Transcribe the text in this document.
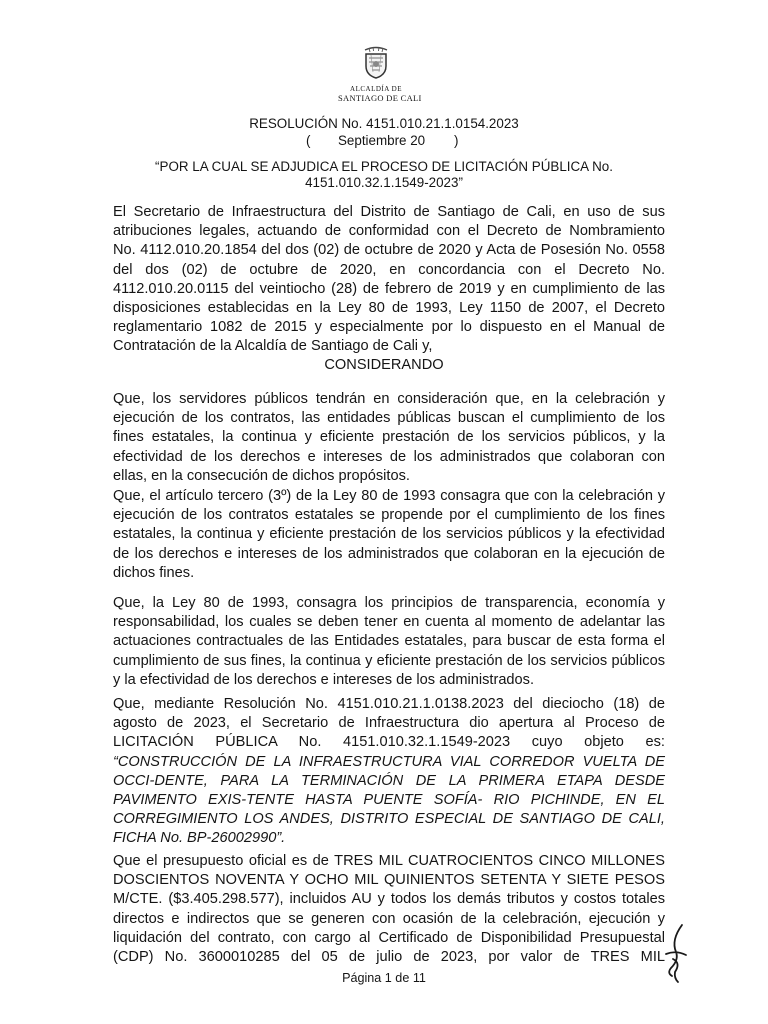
ALCALDÍA DE
SANTIAGO DE CALI
RESOLUCIÓN No. 4151.010.21.1.0154.2023
( Septiembre 20 )
“POR LA CUAL SE ADJUDICA EL PROCESO DE LICITACIÓN PÚBLICA No.
4151.010.32.1.1549-2023”
El Secretario de Infraestructura del Distrito de Santiago de Cali, en uso de sus
atribuciones legales, actuando de conformidad con el Decreto de Nombramiento
No. 4112.010.20.1854 del dos (02) de octubre de 2020 y Acta de Posesión No. 0558
del dos (02) de octubre de 2020, en concordancia con el Decreto No.
4112.010.20.0115 del veintiocho (28) de febrero de 2019 y en cumplimiento de las
disposiciones establecidas en la Ley 80 de 1993, Ley 1150 de 2007, el Decreto
reglamentario 1082 de 2015 y especialmente por lo dispuesto en el Manual de
Contratación de la Alcaldía de Santiago de Cali y,
CONSIDERANDO
Que, los servidores públicos tendrán en consideración que, en la celebración y
ejecución de los contratos, las entidades públicas buscan el cumplimiento de los
fines estatales, la continua y eficiente prestación de los servicios públicos, y la
efectividad de los derechos e intereses de los administrados que colaboran con
ellas, en la consecución de dichos propósitos.
Que, el artículo tercero (3º) de la Ley 80 de 1993 consagra que con la celebración y
ejecución de los contratos estatales se propende por el cumplimiento de los fines
estatales, la continua y eficiente prestación de los servicios públicos y la efectividad
de los derechos e intereses de los administrados que colaboran en la ejecución de
dichos fines.
Que, la Ley 80 de 1993, consagra los principios de transparencia, economía y
responsabilidad, los cuales se deben tener en cuenta al momento de adelantar las
actuaciones contractuales de las Entidades estatales, para buscar de esta forma el
cumplimiento de sus fines, la continua y eficiente prestación de los servicios públicos
y la efectividad de los derechos e intereses de los administrados.
Que, mediante Resolución No. 4151.010.21.1.0138.2023 del dieciocho (18) de
agosto de 2023, el Secretario de Infraestructura dio apertura al Proceso de
LICITACIÓN PÚBLICA No. 4151.010.32.1.1549-2023 cuyo objeto es:
“CONSTRUCCIÓN DE LA INFRAESTRUCTURA VIAL CORREDOR VUELTA DE
OCCI-DENTE, PARA LA TERMINACIÓN DE LA PRIMERA ETAPA DESDE
PAVIMENTO EXIS-TENTE HASTA PUENTE SOFÍA- RIO PICHINDE, EN EL
CORREGIMIENTO LOS ANDES, DISTRITO ESPECIAL DE SANTIAGO DE CALI,
FICHA No. BP-26002990”.
Que el presupuesto oficial es de TRES MIL CUATROCIENTOS CINCO MILLONES
DOSCIENTOS NOVENTA Y OCHO MIL QUINIENTOS SETENTA Y SIETE PESOS
M/CTE. ($3.405.298.577), incluidos AU y todos los demás tributos y costos totales
directos e indirectos que se generen con ocasión de la celebración, ejecución y
liquidación del contrato, con cargo al Certificado de Disponibilidad Presupuestal
(CDP) No. 3600010285 del 05 de julio de 2023, por valor de TRES MIL
Página 1 de 11
